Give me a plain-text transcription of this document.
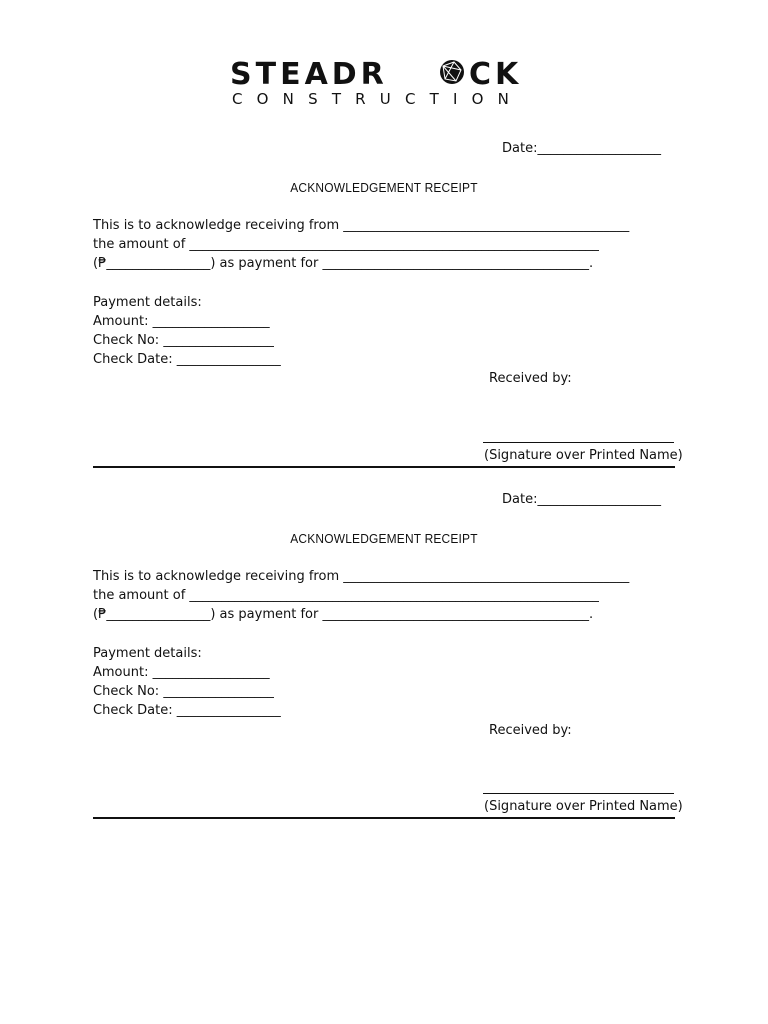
STEADR	CK
CONSTRUCTION
Date:___________________
ACKNOWLEDGEMENT RECEIPT
This is to acknowledge receiving from ____________________________________________
the amount of _______________________________________________________________
(₱________________) as payment for _________________________________________.
Payment details:
Amount: __________________
Check No: _________________
Check Date: ________________
Received by:
(Signature over Printed Name)
Date:___________________
ACKNOWLEDGEMENT RECEIPT
This is to acknowledge receiving from ____________________________________________
the amount of _______________________________________________________________
(₱________________) as payment for _________________________________________.
Payment details:
Amount: __________________
Check No: _________________
Check Date: ________________
Received by:
(Signature over Printed Name)
